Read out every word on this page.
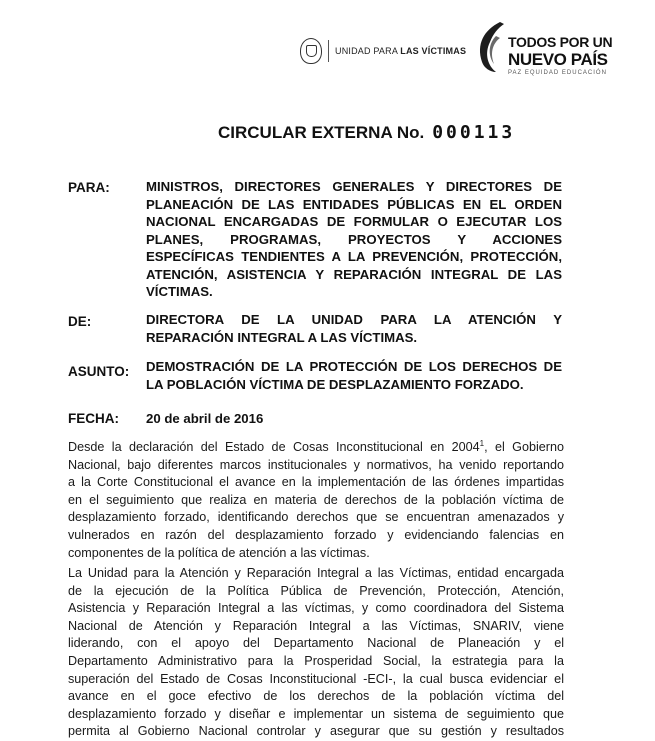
UNIDAD PARA LAS VÍCTIMAS
TODOS POR UN
NUEVO PAÍS
PAZ EQUIDAD EDUCACIÓN
CIRCULAR EXTERNA No. 000113
PARA:	MINISTROS, DIRECTORES GENERALES Y DIRECTORES DE
PLANEACIÓN DE LAS ENTIDADES PÚBLICAS EN EL ORDEN
NACIONAL ENCARGADAS DE FORMULAR O EJECUTAR LOS
PLANES, PROGRAMAS, PROYECTOS Y ACCIONES
ESPECÍFICAS TENDIENTES A LA PREVENCIÓN, PROTECCIÓN,
ATENCIÓN, ASISTENCIA Y REPARACIÓN INTEGRAL DE LAS
VÍCTIMAS.
DE:	DIRECTORA DE LA UNIDAD PARA LA ATENCIÓN Y
REPARACIÓN INTEGRAL A LAS VÍCTIMAS.
ASUNTO: DEMOSTRACIÓN DE LA PROTECCIÓN DE LOS DERECHOS DE
LA POBLACIÓN VÍCTIMA DE DESPLAZAMIENTO FORZADO.
FECHA: 20 de abril de 2016
Desde la declaración del Estado de Cosas Inconstitucional en 2004$^1$, el Gobierno
Nacional, bajo diferentes marcos institucionales y normativos, ha venido reportando
a la Corte Constitucional el avance en la implementación de las órdenes impartidas
en el seguimiento que realiza en materia de derechos de la población víctima de
desplazamiento forzado, identificando derechos que se encuentran amenazados y
vulnerados en razón del desplazamiento forzado y evidenciando falencias en
componentes de la política de atención a las víctimas.
La Unidad para la Atención y Reparación Integral a las Víctimas, entidad encargada
de la ejecución de la Política Pública de Prevención, Protección, Atención,
Asistencia y Reparación Integral a las víctimas, y como coordinadora del Sistema
Nacional de Atención y Reparación Integral a las Víctimas, SNARIV, viene
liderando, con el apoyo del Departamento Nacional de Planeación y el
Departamento Administrativo para la Prosperidad Social, la estrategia para la
superación del Estado de Cosas Inconstitucional -ECI-, la cual busca evidenciar el
avance en el goce efectivo de los derechos de la población víctima del
desplazamiento forzado y diseñar e implementar un sistema de seguimiento que
permita al Gobierno Nacional controlar y asegurar que su gestión y resultados
